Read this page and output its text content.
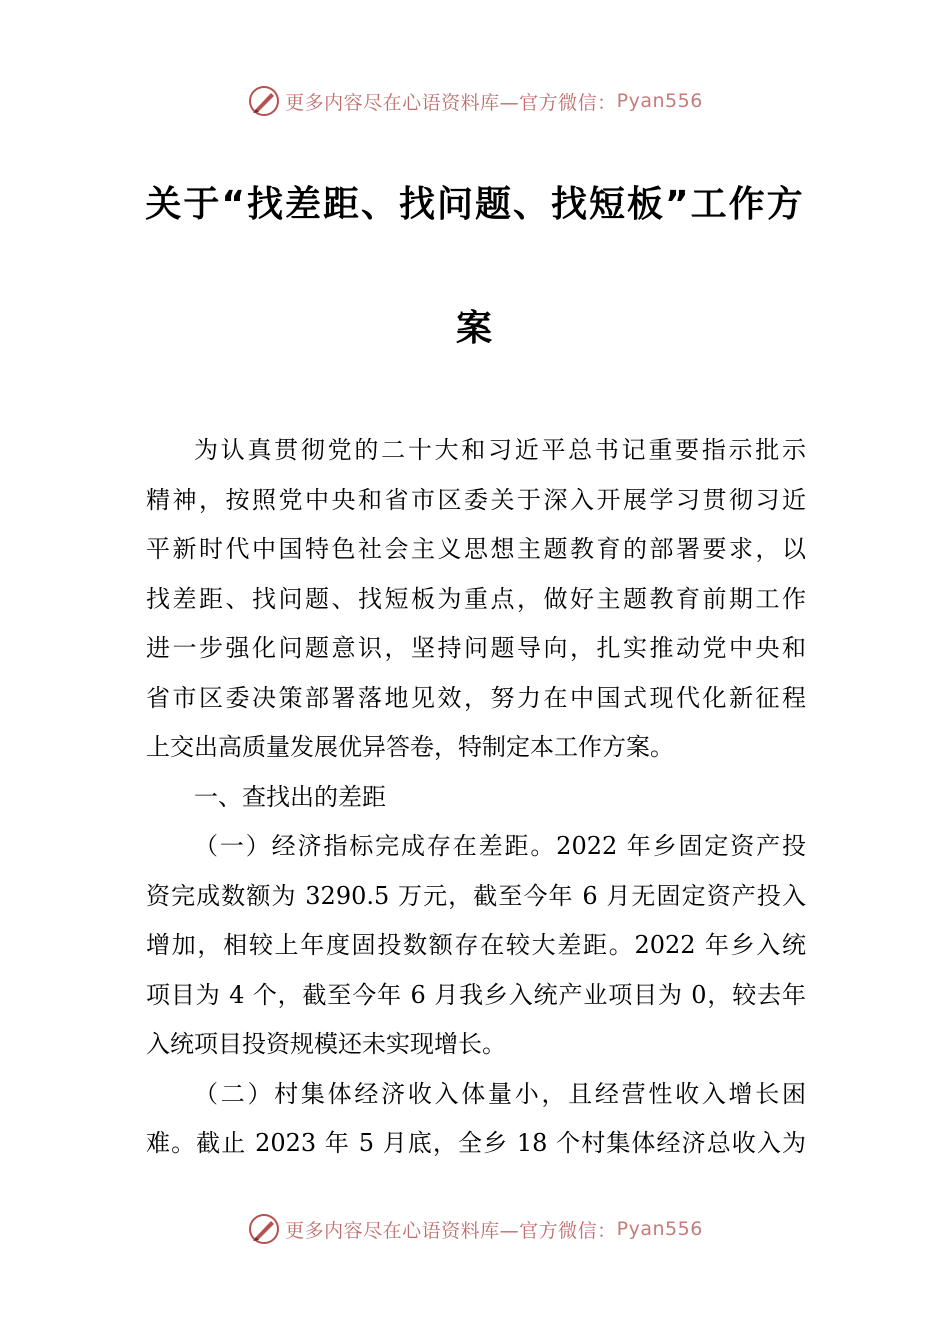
更多内容尽在心语资料库—官方微信： Pyan556
关于“找差距、找问题、找短板”工作方
案
为认真贯彻党的二十大和习近平总书记重要指示批示
精神，按照党中央和省市区委关于深入开展学习贯彻习近
平新时代中国特色社会主义思想主题教育的部署要求，以
找差距、找问题、找短板为重点，做好主题教育前期工作
进一步强化问题意识，坚持问题导向，扎实推动党中央和
省市区委决策部署落地见效，努力在中国式现代化新征程
上交出高质量发展优异答卷，特制定本工作方案。
一、查找出的差距
（一）经济指标完成存在差距。2022 年乡固定资产投
资完成数额为 3290.5 万元，截至今年 6 月无固定资产投入
增加，相较上年度固投数额存在较大差距。2022 年乡入统
项目为 4 个，截至今年 6 月我乡入统产业项目为 0，较去年
入统项目投资规模还未实现增长。
（二）村集体经济收入体量小，且经营性收入增长困
难。截止 2023 年 5 月底，全乡 18 个村集体经济总收入为
更多内容尽在心语资料库—官方微信： Pyan556
